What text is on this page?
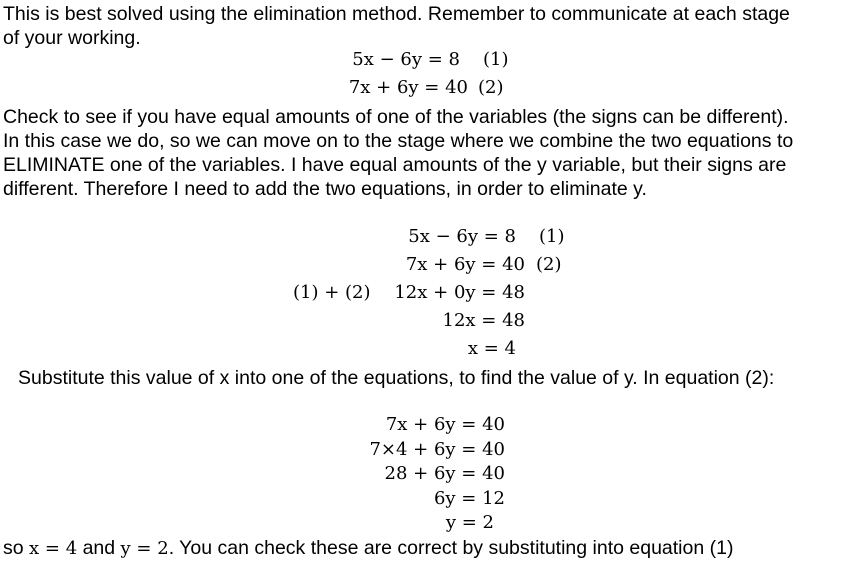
This is best solved using the elimination method. Remember to communicate at each stage

of your working.

5x − 6y = 8 (1)
7x + 6y = 40 (2)

Check to see if you have equal amounts of one of the variables (the signs can be different).

In this case we do, so we can move on to the stage where we combine the two equations to

ELIMINATE one of the variables. I have equal amounts of the y variable, but their signs are

different. Therefore I need to add the two equations, in order to eliminate y.

5x − 6y = 8 (1)
7x + 6y = 40 (2)
(1) + (2) 12x + 0y = 48
12x = 48
x = 4

Substitute this value of x into one of the equations, to find the value of y. In equation (2):

7x + 6y = 40
7×4 + 6y = 40
28 + 6y = 40
6y = 12
y = 2

so x = 4 and y = 2. You can check these are correct by substituting into equation (1)
